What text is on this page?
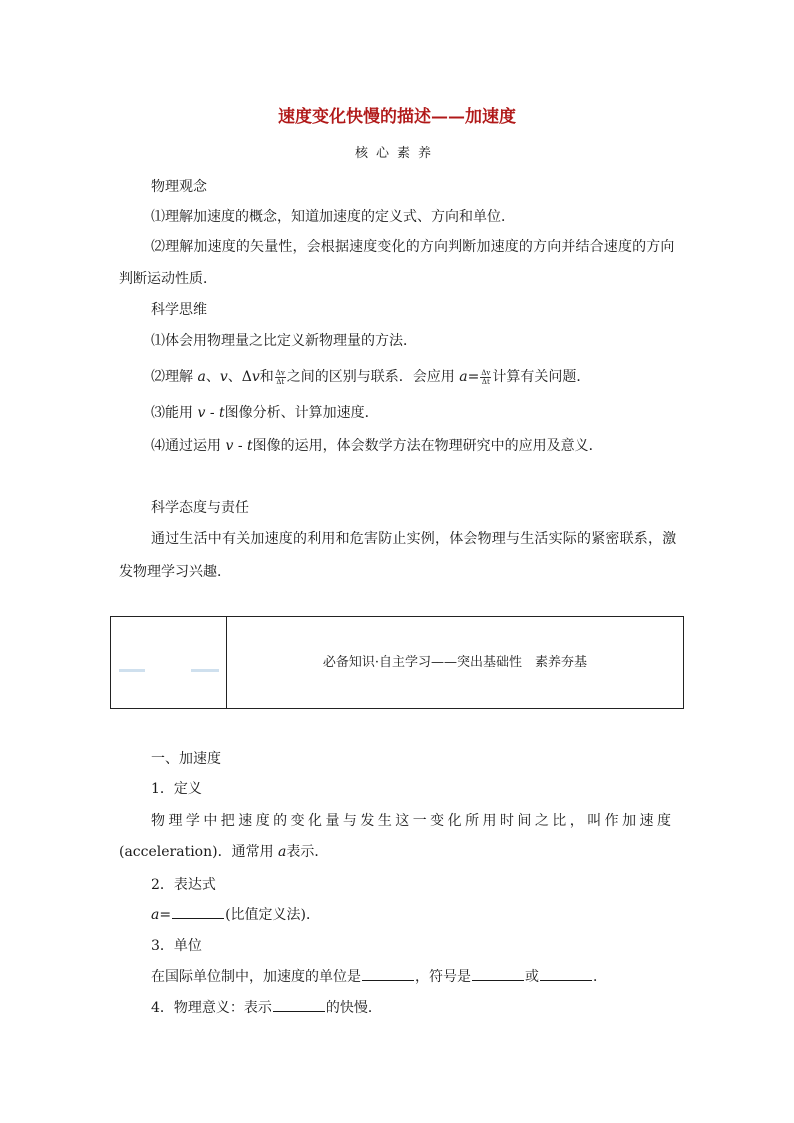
速度变化快慢的描述——加速度
核心素养
物理观念
⑴理解加速度的概念，知道加速度的定义式、方向和单位．
⑵理解加速度的矢量性，会根据速度变化的方向判断加速度的方向并结合速度的方向
判断运动性质．
科学思维
⑴体会用物理量之比定义新物理量的方法．
⑵理解 a、v、Δv和 $\frac{\Delta v}{\Delta t}$ 之间的区别与联系．会应用 $a= \frac{\Delta v}{\Delta t}$ 计算有关问题．
⑶能用 v - t图像分析、计算加速度．
⑷通过运用 v - t图像的运用，体会数学方法在物理研究中的应用及意义．
科学态度与责任
通过生活中有关加速度的利用和危害防止实例，体会物理与生活实际的紧密联系，激
发物理学习兴趣．
必备知识·自主学习——突出基础性　素养夯基
一、加速度
1．定义
物理学中把速度的变化量与发生这一变化所用时间之比，叫作加速度
(acceleration)．通常用 a表示．
2．表达式
a=	(比值定义法)．
3．单位
在国际单位制中，加速度的单位是	，符号是	或	．
4．物理意义：表示	的快慢．
